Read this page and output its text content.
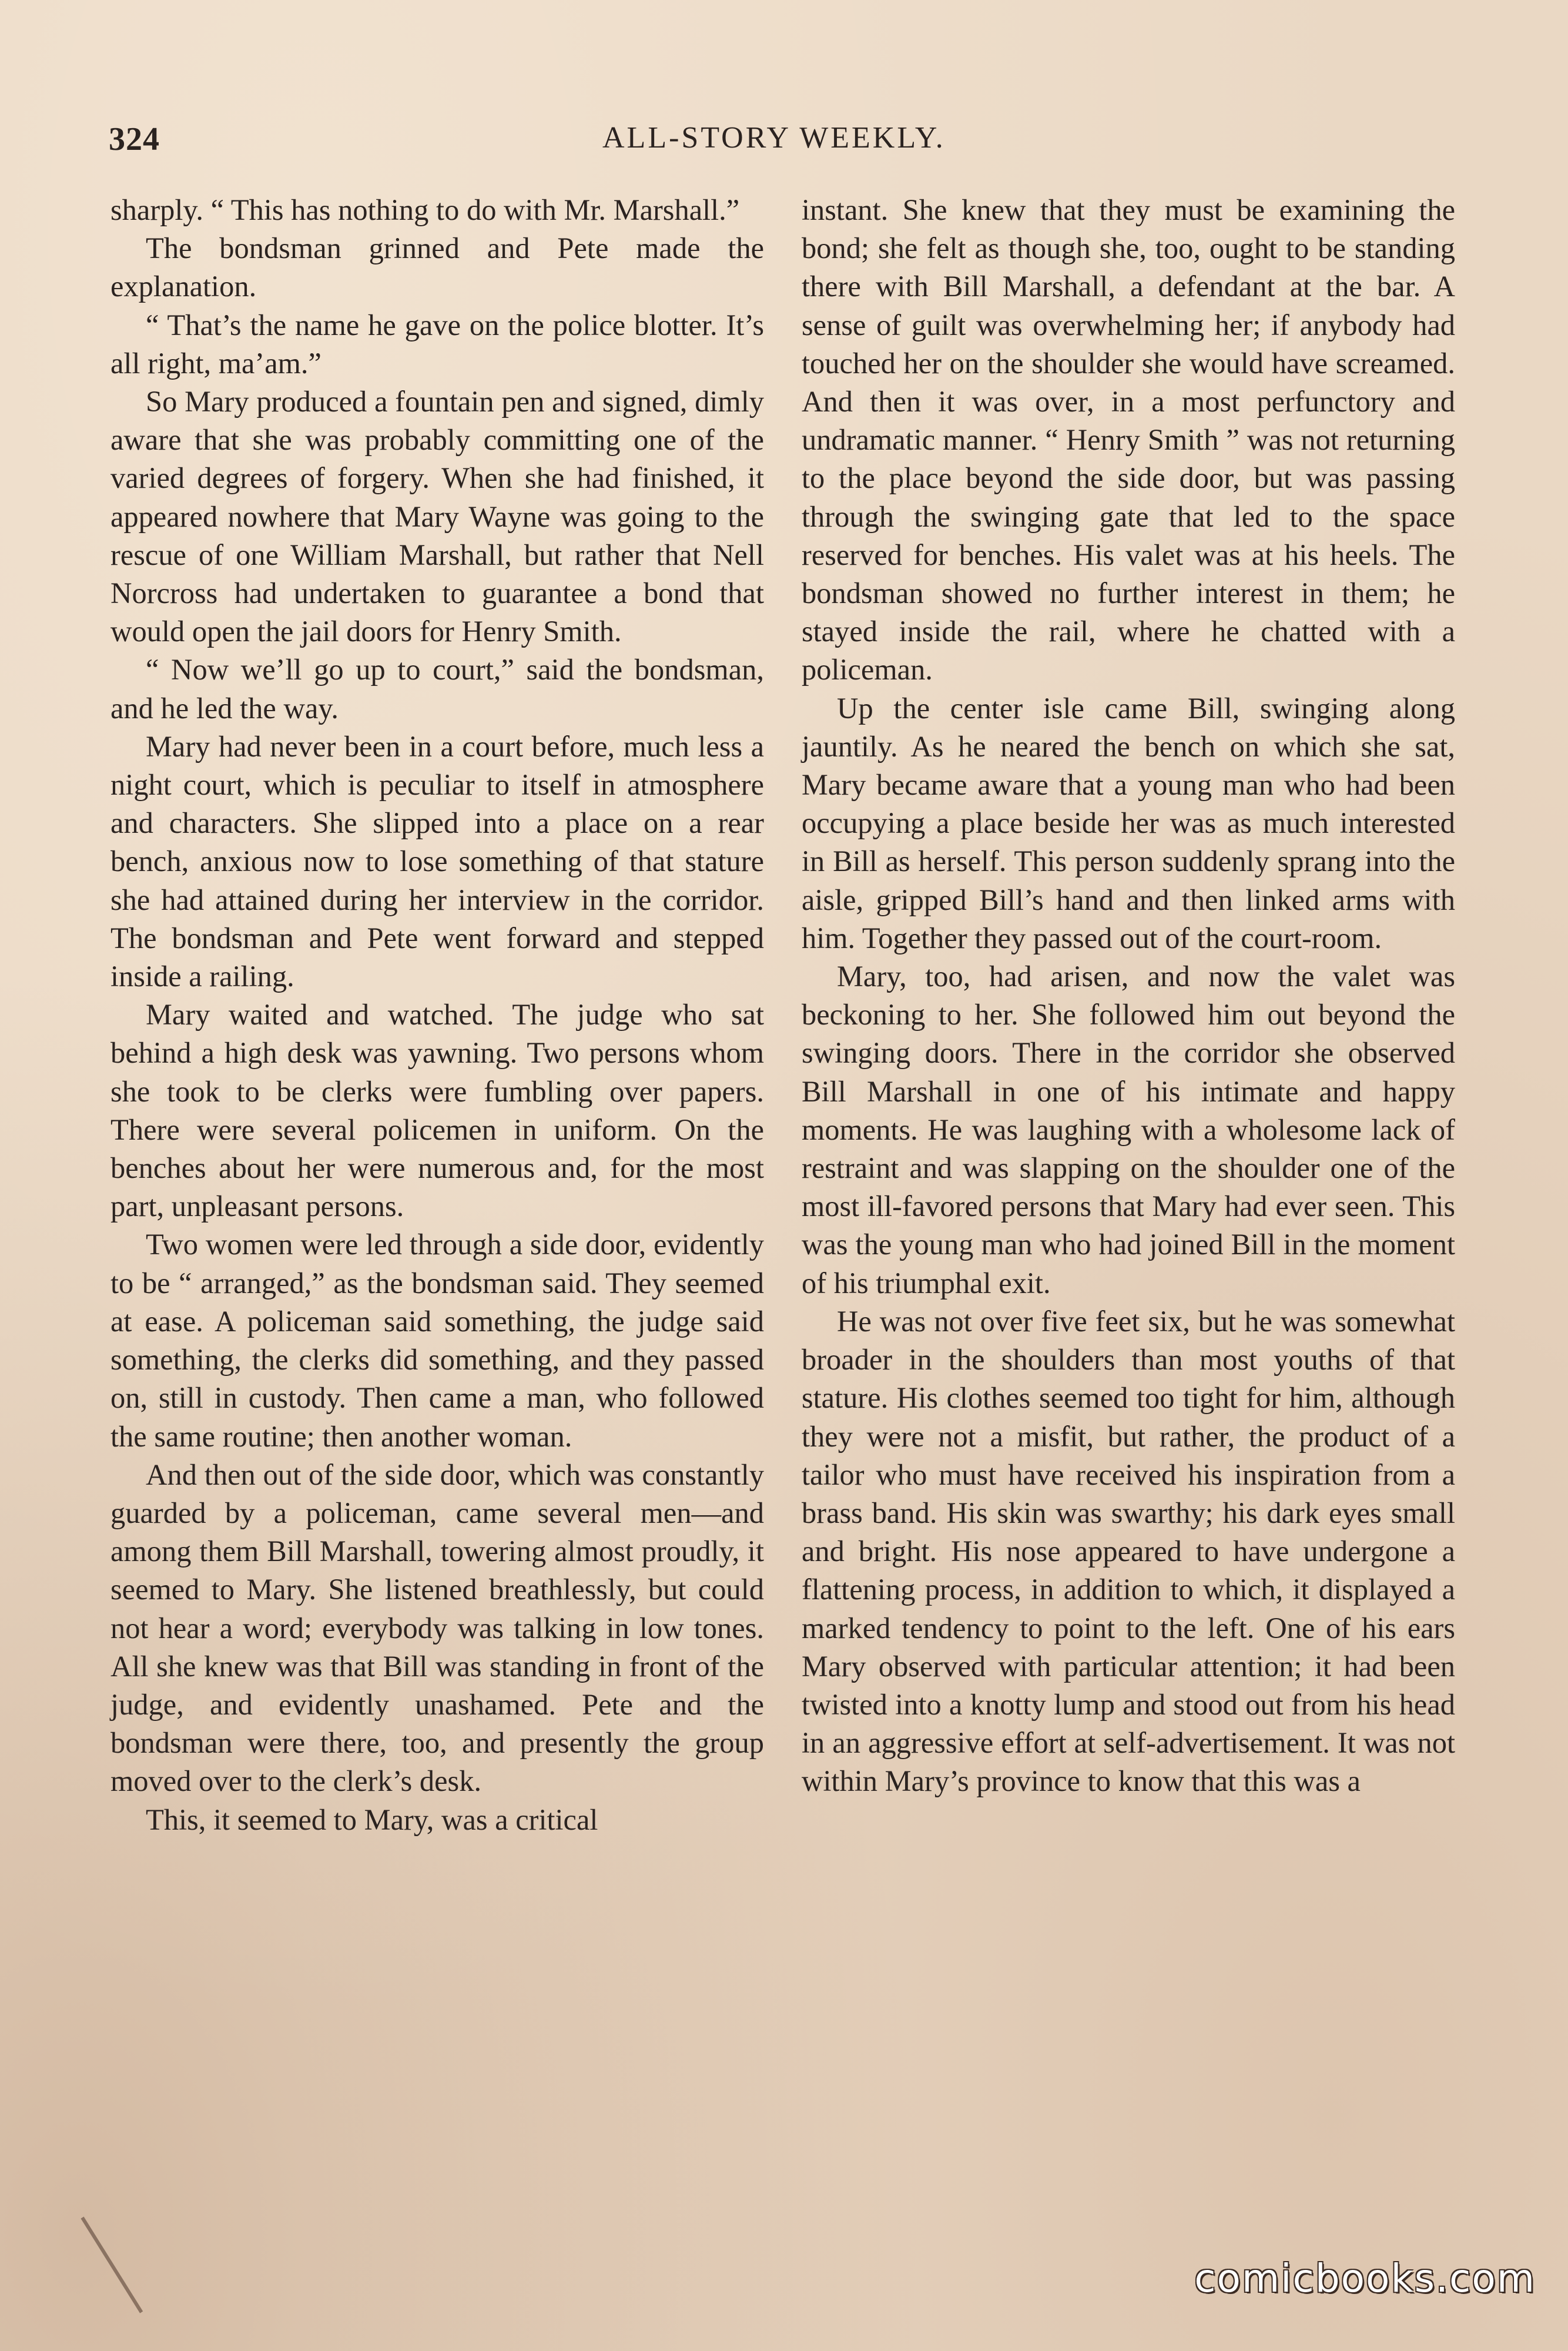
324	ALL-STORY WEEKLY.

sharply. “ This has nothing to do with Mr. Marshall.”

The bondsman grinned and Pete made the explanation.

“ That’s the name he gave on the police blotter. It’s all right, ma’am.”

So Mary produced a fountain pen and signed, dimly aware that she was probably committing one of the varied degrees of forgery. When she had finished, it appeared nowhere that Mary Wayne was going to the rescue of one William Marshall, but rather that Nell Norcross had undertaken to guarantee a bond that would open the jail doors for Henry Smith.

“ Now we’ll go up to court,” said the bondsman, and he led the way.

Mary had never been in a court before, much less a night court, which is peculiar to itself in atmosphere and characters. She slipped into a place on a rear bench, anxious now to lose something of that stature she had attained during her interview in the corridor. The bondsman and Pete went forward and stepped inside a railing.

Mary waited and watched. The judge who sat behind a high desk was yawning. Two persons whom she took to be clerks were fumbling over papers. There were several policemen in uniform. On the benches about her were numerous and, for the most part, unpleasant persons.

Two women were led through a side door, evidently to be “ arranged,” as the bondsman said. They seemed at ease. A policeman said something, the judge said something, the clerks did something, and they passed on, still in custody. Then came a man, who followed the same routine; then another woman.

And then out of the side door, which was constantly guarded by a policeman, came several men—and among them Bill Marshall, towering almost proudly, it seemed to Mary. She listened breathlessly, but could not hear a word; everybody was talking in low tones. All she knew was that Bill was standing in front of the judge, and evidently unashamed. Pete and the bondsman were there, too, and presently the group moved over to the clerk’s desk.

This, it seemed to Mary, was a critical

instant. She knew that they must be examining the bond; she felt as though she, too, ought to be standing there with Bill Marshall, a defendant at the bar. A sense of guilt was overwhelming her; if anybody had touched her on the shoulder she would have screamed. And then it was over, in a most perfunctory and undramatic manner. “ Henry Smith ” was not returning to the place beyond the side door, but was passing through the swinging gate that led to the space reserved for benches. His valet was at his heels. The bondsman showed no further interest in them; he stayed inside the rail, where he chatted with a policeman.

Up the center isle came Bill, swinging along jauntily. As he neared the bench on which she sat, Mary became aware that a young man who had been occupying a place beside her was as much interested in Bill as herself. This person suddenly sprang into the aisle, gripped Bill’s hand and then linked arms with him. Together they passed out of the court-room.

Mary, too, had arisen, and now the valet was beckoning to her. She followed him out beyond the swinging doors. There in the corridor she observed Bill Marshall in one of his intimate and happy moments. He was laughing with a wholesome lack of restraint and was slapping on the shoulder one of the most ill-favored persons that Mary had ever seen. This was the young man who had joined Bill in the moment of his triumphal exit.

He was not over five feet six, but he was somewhat broader in the shoulders than most youths of that stature. His clothes seemed too tight for him, although they were not a misfit, but rather, the product of a tailor who must have received his inspiration from a brass band. His skin was swarthy; his dark eyes small and bright. His nose appeared to have undergone a flattening process, in addition to which, it displayed a marked tendency to point to the left. One of his ears Mary observed with particular attention; it had been twisted into a knotty lump and stood out from his head in an aggressive effort at self-advertisement. It was not within Mary’s province to know that this was a

comicbooks.com
